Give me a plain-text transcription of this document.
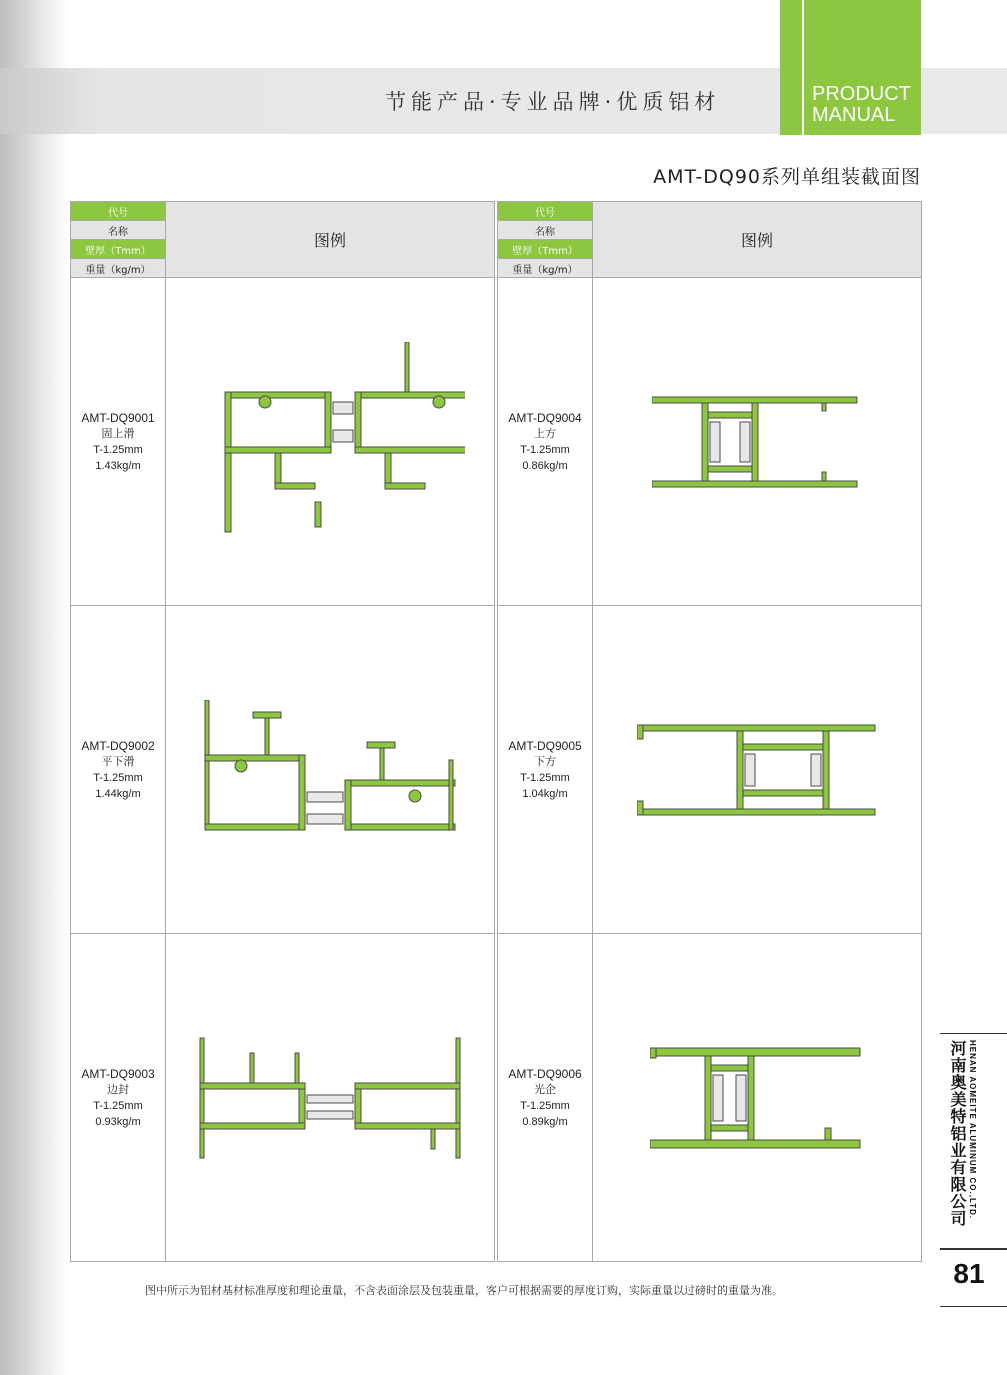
节能产品·专业品牌·优质铝材	PRODUCT
MANUAL
AMT-DQ90系列单组装截面图
代号	图例
名称	
壁厚（Tmm）	
重量（kg/m）	

AMT-DQ9001
固上滑
T-1.25mm
1.43kg/m

AMT-DQ9002
平下滑
T-1.25mm
1.44kg/m

AMT-DQ9003
边封
T-1.25mm
0.93kg/m

代号	图例
名称	
壁厚（Tmm）	
重量（kg/m）	

AMT-DQ9004
上方
T-1.25mm
0.86kg/m

AMT-DQ9005
下方
T-1.25mm
1.04kg/m

AMT-DQ9006
光企
T-1.25mm
0.89kg/m

图中所示为铝材基材标准厚度和理论重量，不含表面涂层及包装重量，客户可根据需要的厚度订购，实际重量以过磅时的重量为准。
河南奥美特铝业有限公司 HENAN AOMEITE ALUMINUM CO.,LTD.
81
